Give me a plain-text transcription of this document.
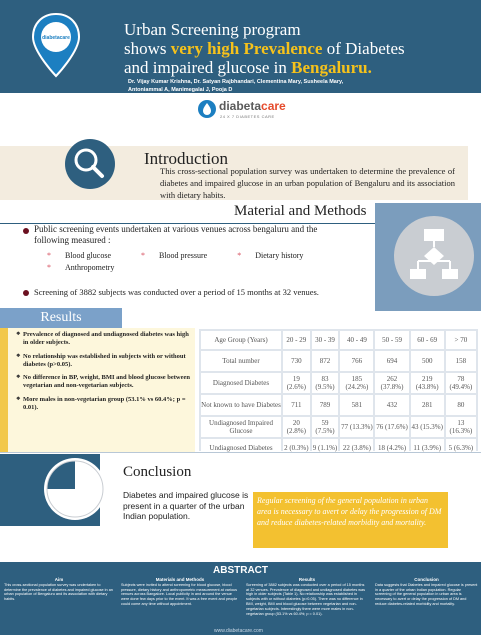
diabetacare	Urban Screening program
shows very high Prevalence of Diabetes
and impaired glucose in Bengaluru.
Dr. Vijay Kumar Krishna, Dr. Satyan Rajbhandari, Clementina Mary, Susheela Mary,
Antoniammal A, Manimegalai J, Pooja D
diabetacare
24 X 7 DIABETES CARE
Introduction
This cross-sectional population survey was undertaken to determine the prevalence of diabetes and impaired glucose in an urban population of Bengaluru and its association with dietary habits.
Material and Methods
Public screening events undertaken at various venues across bengaluru and the following measured :
* Blood glucose	* Blood pressure	* Dietary history
* Anthropometry
Screening of 3882 subjects was conducted over a period of 15 months at 32 venues.
Results
❖ Prevalence of diagnosed and undiagnosed diabetes was high in older subjects.
❖ No relationship was established in subjects with or without diabetes (p>0.05).
❖ No difference in BP, weight, BMI and blood glucose between vegetarian and non-vegetarian subjects.
❖ More males in non-vegetarian group (53.1% vs 60.4%; p = 0.01).
Age Group (Years)	20 - 29	30 - 39	40 - 49	50 - 59	60 - 69	> 70
Total number	730	872	766	694	500	158
Diagnosed Diabetes	19 (2.6%)	83 (9.5%)	185 (24.2%)	262 (37.8%)	219 (43.8%)	78 (49.4%)
Not known to have Diabetes	711	789	581	432	281	80
Undiagnosed Impaired Glucose	20 (2.8%)	59 (7.5%)	77 (13.3%)	76 (17.6%)	43 (15.3%)	13 (16.3%)
Undiagnosed Diabetes	2 (0.3%)	9 (1.1%)	22 (3.8%)	18 (4.2%)	11 (3.9%)	5 (6.3%)
Conclusion
Diabetes and impaired glucose is present in a quarter of the urban Indian population.
Regular screening of the general population in urban area is necessary to avert or delay the progression of DM and reduce diabetes-related morbidity and mortality.
ABSTRACT
Aim
This cross-sectional population survey was undertaken to determine the prevalence of diabetes and impaired glucose in an urban population of Bengaluru and its association with dietary habits.
Materials and Methods
Subjects were invited to attend screening for blood glucose, blood pressure, dietary history and anthropometric measurement at various venues across Bangalore. Local publicity in and around the venue were done few days prior to the event. It was a free event and people could come any time without appointment.
Results
Screening of 3882 subjects was conducted over a period of 15 months at 32 venues. Prevalence of diagnosed and undiagnosed diabetes was high in older subjects (Table 1). No relationship was established in subjects with or without diabetes (p>0.05). There was no difference in BMI, weight, BMI and blood glucose between vegetarian and non-vegetarian subjects. Interestingly there were more males in non-vegetarian group (53.1% vs 60.4%; p = 0.01).
Conclusion
Data suggests that Diabetes and impaired glucose is present in a quarter of the urban Indian population. Regular screening of the general population in urban area is necessary to avert or delay the progression of DM and reduce diabetes-related morbidity and mortality.
www.diabetacare.com
